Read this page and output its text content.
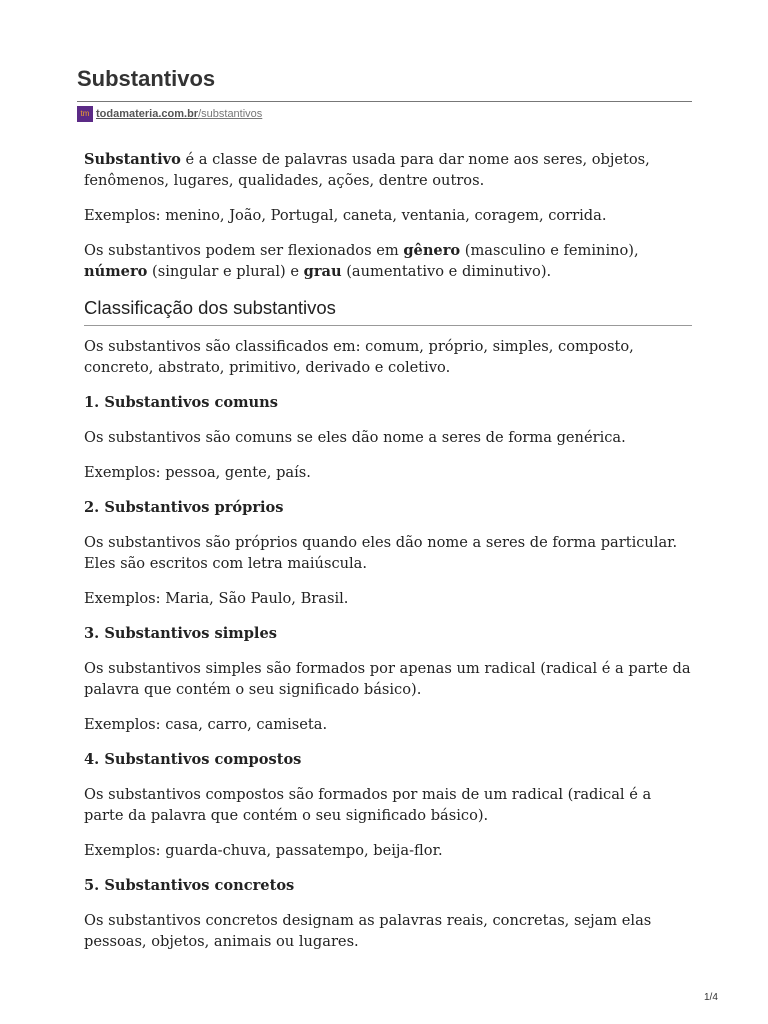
Substantivos
tm todamateria.com.br /substantivos

Substantivo é a classe de palavras usada para dar nome aos seres, objetos, fenômenos, lugares, qualidades, ações, dentre outros.

Exemplos: menino, João, Portugal, caneta, ventania, coragem, corrida.

Os substantivos podem ser flexionados em gênero (masculino e feminino), número (singular e plural) e grau (aumentativo e diminutivo).

Classificação dos substantivos

Os substantivos são classificados em: comum, próprio, simples, composto, concreto, abstrato, primitivo, derivado e coletivo.

1. Substantivos comuns

Os substantivos são comuns se eles dão nome a seres de forma genérica.

Exemplos: pessoa, gente, país.

2. Substantivos próprios

Os substantivos são próprios quando eles dão nome a seres de forma particular. Eles são escritos com letra maiúscula.

Exemplos: Maria, São Paulo, Brasil.

3. Substantivos simples

Os substantivos simples são formados por apenas um radical (radical é a parte da palavra que contém o seu significado básico).

Exemplos: casa, carro, camiseta.

4. Substantivos compostos

Os substantivos compostos são formados por mais de um radical (radical é a parte da palavra que contém o seu significado básico).

Exemplos: guarda-chuva, passatempo, beija-flor.

5. Substantivos concretos

Os substantivos concretos designam as palavras reais, concretas, sejam elas pessoas, objetos, animais ou lugares.

1/4
